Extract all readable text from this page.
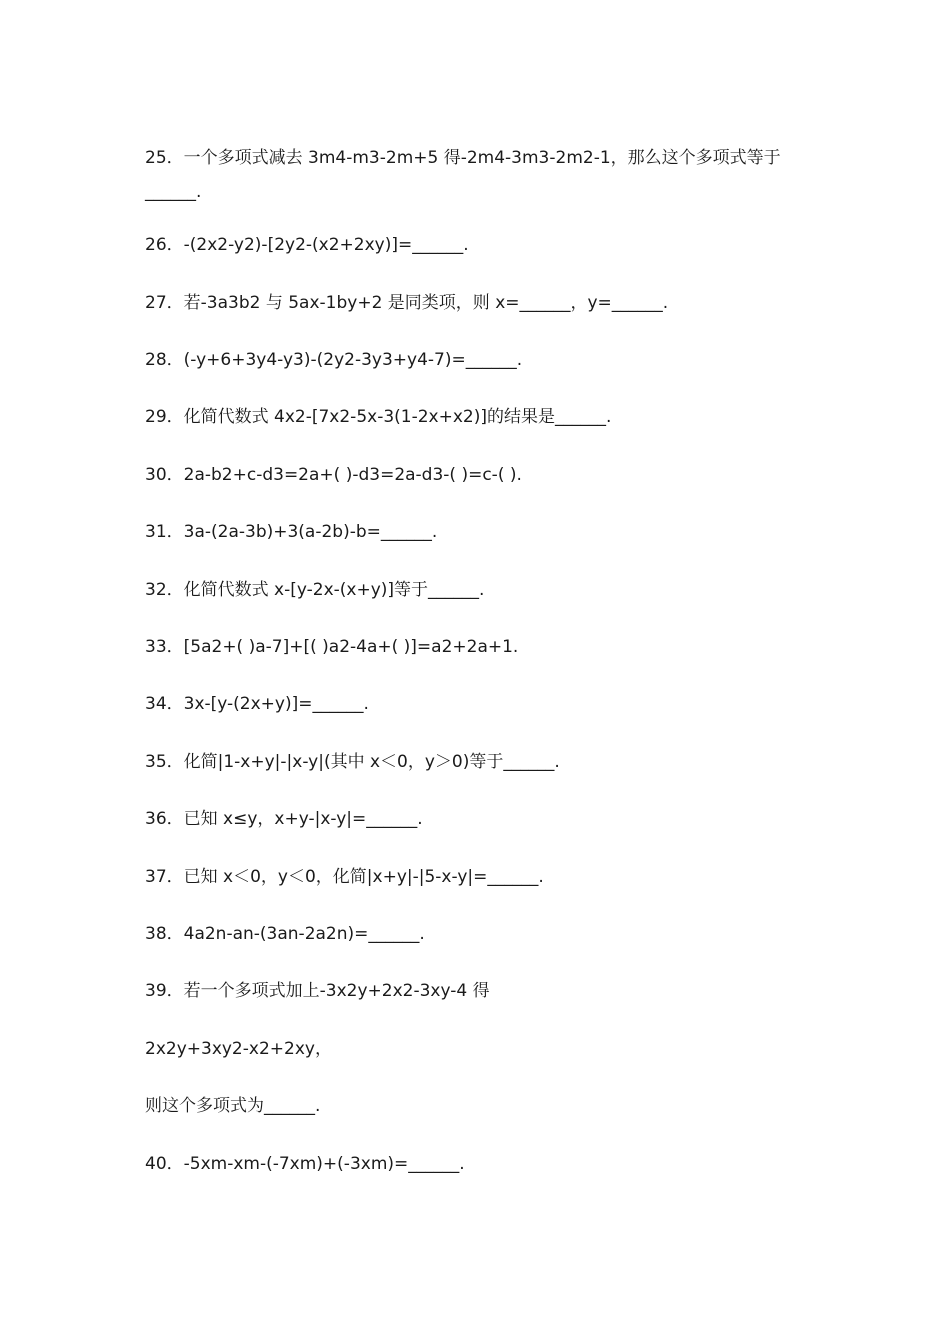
25．一个多项式减去 3m4-m3-2m+5 得-2m4-3m3-2m2-1，那么这个多项式等于
______.
26．-(2x2-y2)-[2y2-(x2+2xy)]=______.
27．若-3a3b2 与 5ax-1by+2 是同类项，则 x=______，y=______.
28．(-y+6+3y4-y3)-(2y2-3y3+y4-7)=______.
29．化简代数式 4x2-[7x2-5x-3(1-2x+x2)]的结果是______.
30．2a-b2+c-d3=2a+( )-d3=2a-d3-( )=c-( ).
31．3a-(2a-3b)+3(a-2b)-b=______.
32．化简代数式 x-[y-2x-(x+y)]等于______.
33．[5a2+( )a-7]+[( )a2-4a+( )]=a2+2a+1.
34．3x-[y-(2x+y)]=______.
35．化简|1-x+y|-|x-y|(其中 x＜0，y＞0)等于______.
36．已知 x≤y，x+y-|x-y|=______.
37．已知 x＜0，y＜0，化简|x+y|-|5-x-y|=______.
38．4a2n-an-(3an-2a2n)=______.
39．若一个多项式加上-3x2y+2x2-3xy-4 得
2x2y+3xy2-x2+2xy，
则这个多项式为______.
40．-5xm-xm-(-7xm)+(-3xm)=______.
